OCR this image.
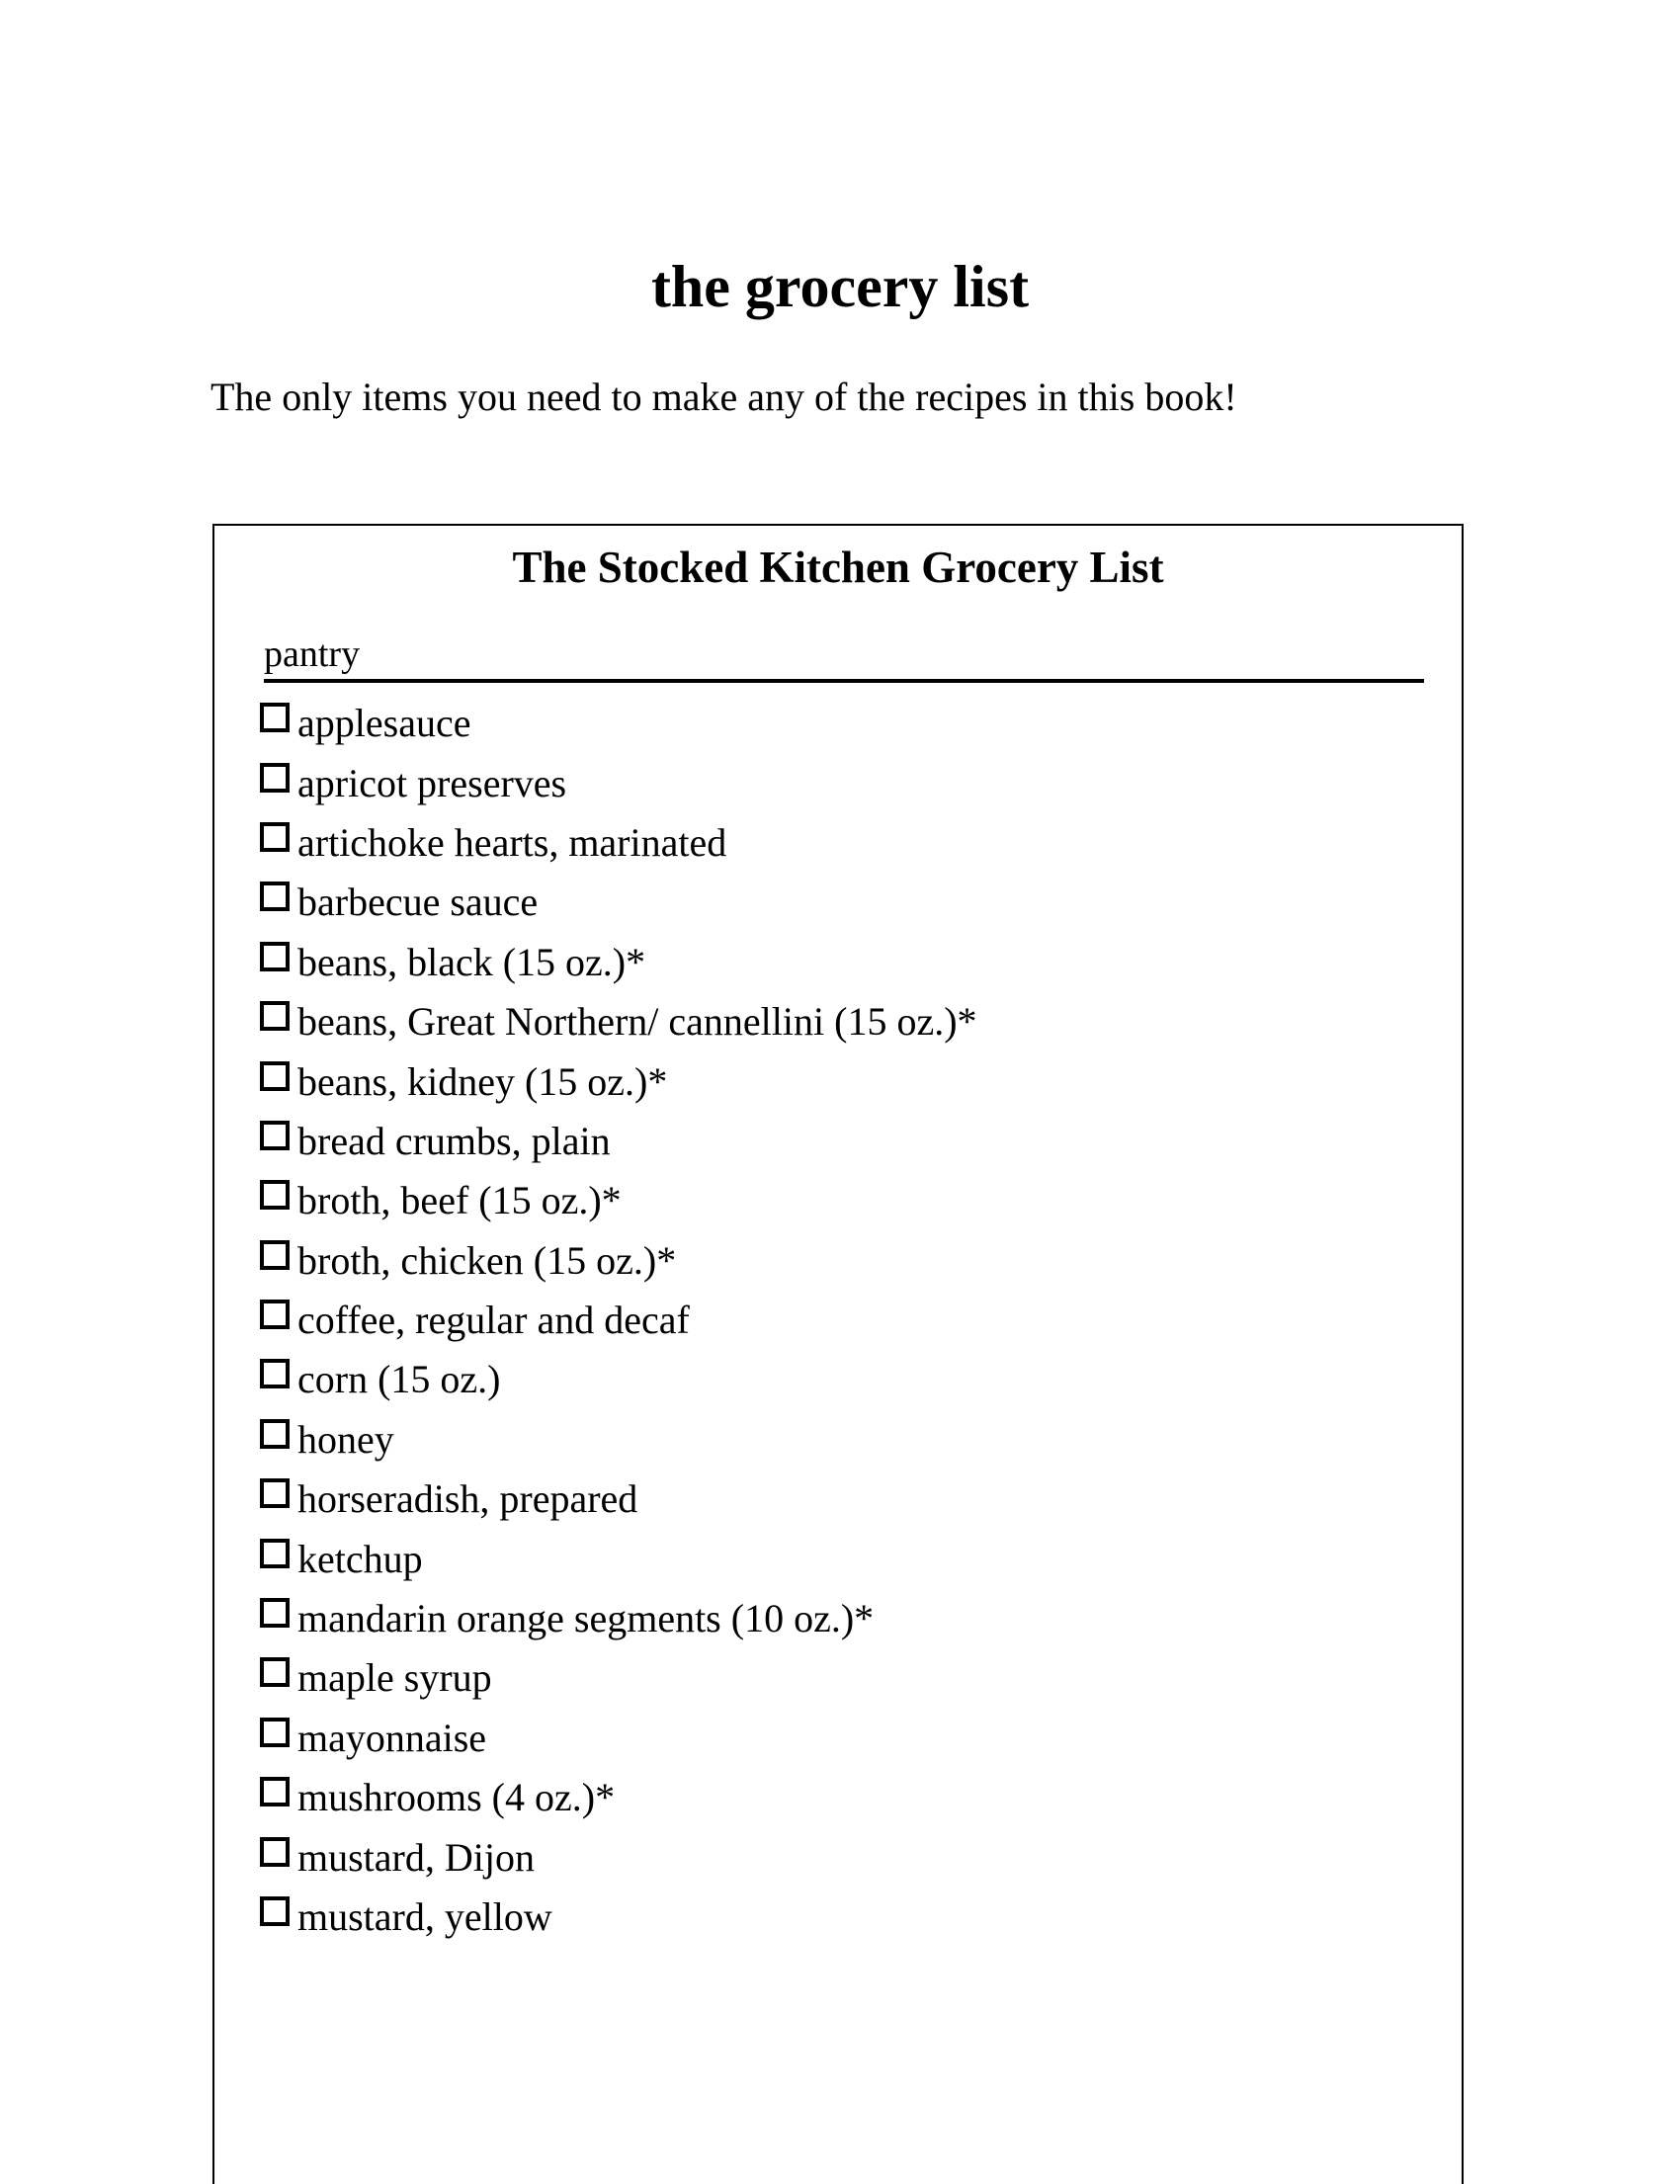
the grocery list

The only items you need to make any of the recipes in this book!

The Stocked Kitchen Grocery List
pantry
applesauce
apricot preserves
artichoke hearts, marinated
barbecue sauce
beans, black (15 oz.)*
beans, Great Northern/ cannellini (15 oz.)*
beans, kidney (15 oz.)*
bread crumbs, plain
broth, beef (15 oz.)*
broth, chicken (15 oz.)*
coffee, regular and decaf
corn (15 oz.)
honey
horseradish, prepared
ketchup
mandarin orange segments (10 oz.)*
maple syrup
mayonnaise
mushrooms (4 oz.)*
mustard, Dijon
mustard, yellow
